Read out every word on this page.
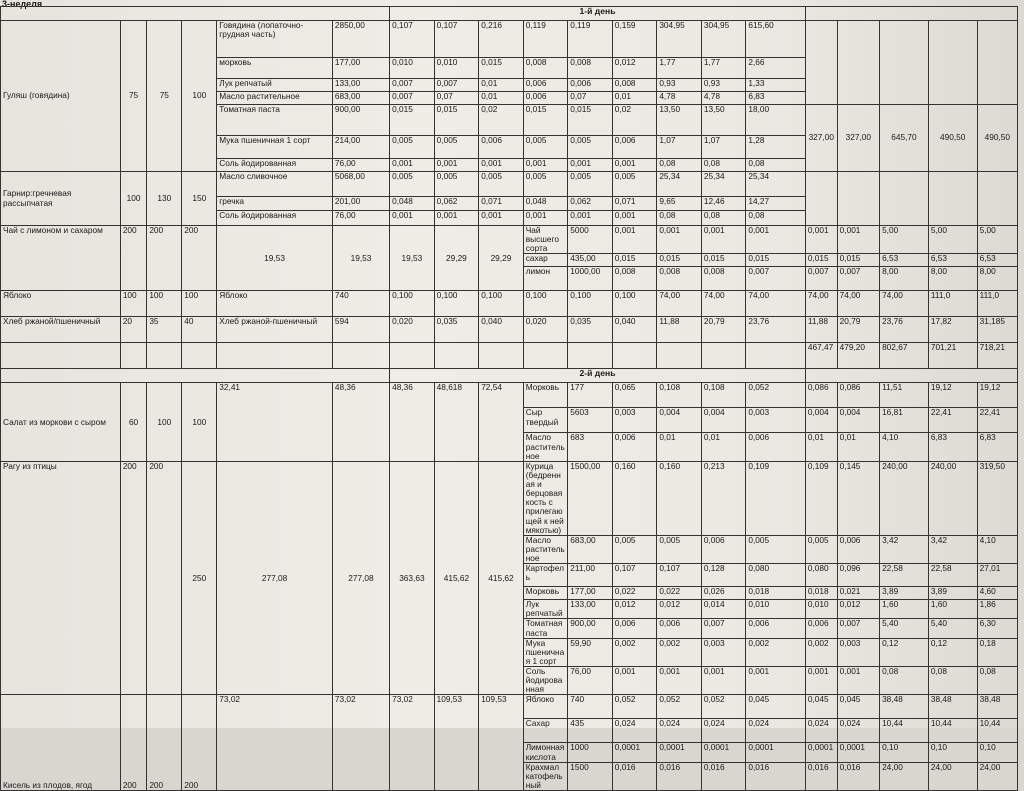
3-неделя
						1-й день													
Гуляш (говядина)	75	75	100	Говядина (лопаточно-грудная часть)	2850,00	0,107	0,107	0,216	0,119	0,119	0,159	304,95	304,95	615,60					
				морковь	177,00	0,010	0,010	0,015	0,008	0,008	0,012	1,77	1,77	2,66					
				Лук репчатый	133,00	0,007	0,007	0,01	0,006	0,006	0,008	0,93	0,93	1,33					
				Масло растительное	683,00	0,007	0,07	0,01	0,006	0,07	0,01	4,78	4,78	6,83					
				Томатная паста	900,00	0,015	0,015	0,02	0,015	0,015	0,02	13,50	13,50	18,00	327,00	327,00	645,70	490,50	490,50
				Мука пшеничная 1 сорт	214,00	0,005	0,005	0,006	0,005	0,005	0,006	1,07	1,07	1,28					
				Соль йодированная	76,00	0,001	0,001	0,001	0,001	0,001	0,001	0,08	0,08	0,08					
Гарнир:гречневая рассыпчатая	100	130	150	Масло сливочное	5068,00	0,005	0,005	0,005	0,005	0,005	0,005	25,34	25,34	25,34					
				гречка	201,00	0,048	0,062	0,071	0,048	0,062	0,071	9,65	12,46	14,27					
				Соль йодированная	76,00	0,001	0,001	0,001	0,001	0,001	0,001	0,08	0,08	0,08					
Чай с лимоном и сахаром	200	200	200	19,53	19,53	19,53	29,29	29,29	Чай высшего сорта	5000	0,001	0,001	0,001	0,001	0,001	0,001	5,00	5,00	5,00
									сахар	435,00	0,015	0,015	0,015	0,015	0,015	0,015	6,53	6,53	6,53
									лимон	1000,00	0,008	0,008	0,008	0,007	0,007	0,007	8,00	8,00	8,00
Яблоко	100	100	100	Яблоко	740	0,100	0,100	0,100	0,100	0,100	0,100	74,00	74,00	74,00	74,00	74,00	74,00	111,0	111,0
Хлеб ржаной/пшеничный	20	35	40	Хлеб ржаной-пшеничный	594	0,020	0,035	0,040	0,020	0,035	0,040	11,88	20,79	23,76	11,88	20,79	23,76	17,82	31,185
															467,47	479,20	802,67	701,21	718,21
						2-й день													
Салат из моркови с сыром	60	100	100	32,41	48,36	48,36	48,618	72,54	Морковь	177	0,065	0,108	0,108	0,052	0,086	0,086	11,51	19,12	19,12
									Сыр твердый	5603	0,003	0,004	0,004	0,003	0,004	0,004	16,81	22,41	22,41
									Масло растительное	683	0,006	0,01	0,01	0,006	0,01	0,01	4,10	6,83	6,83
Рагу из птицы	200	200	250	277,08	277,08	363,63	415,62	415,62	Курица (бедренная и берцовая кость с прилегающей к ней мякотью)	1500,00	0,160	0,160	0,213	0,109	0,109	0,145	240,00	240,00	319,50
									Масло растительное	683,00	0,005	0,005	0,006	0,005	0,005	0,006	3,42	3,42	4,10
									Картофель	211,00	0,107	0,107	0,128	0,080	0,080	0,096	22,58	22,58	27,01
									Морковь	177,00	0,022	0,022	0,026	0,018	0,018	0,021	3,89	3,89	4,60
									Лук репчатый	133,00	0,012	0,012	0,014	0,010	0,010	0,012	1,60	1,60	1,86
									Томатная паста	900,00	0,006	0,006	0,007	0,006	0,006	0,007	5,40	5,40	6,30
									Мука пшеничная 1 сорт	59,90	0,002	0,002	0,003	0,002	0,002	0,003	0,12	0,12	0,18
									Соль йодированная	76,00	0,001	0,001	0,001	0,001	0,001	0,001	0,08	0,08	0,08
Кисель из плодов, ягод	200	200	200	73,02	73,02	73,02	109,53	109,53	Яблоко	740	0,052	0,052	0,052	0,045	0,045	0,045	38,48	38,48	38,48
									Сахар	435	0,024	0,024	0,024	0,024	0,024	0,024	10,44	10,44	10,44
									Лимонная кислота	1000	0,0001	0,0001	0,0001	0,0001	0,0001	0,0001	0,10	0,10	0,10
									Крахмал катофельный	1500	0,016	0,016	0,016	0,016	0,016	0,016	24,00	24,00	24,00
